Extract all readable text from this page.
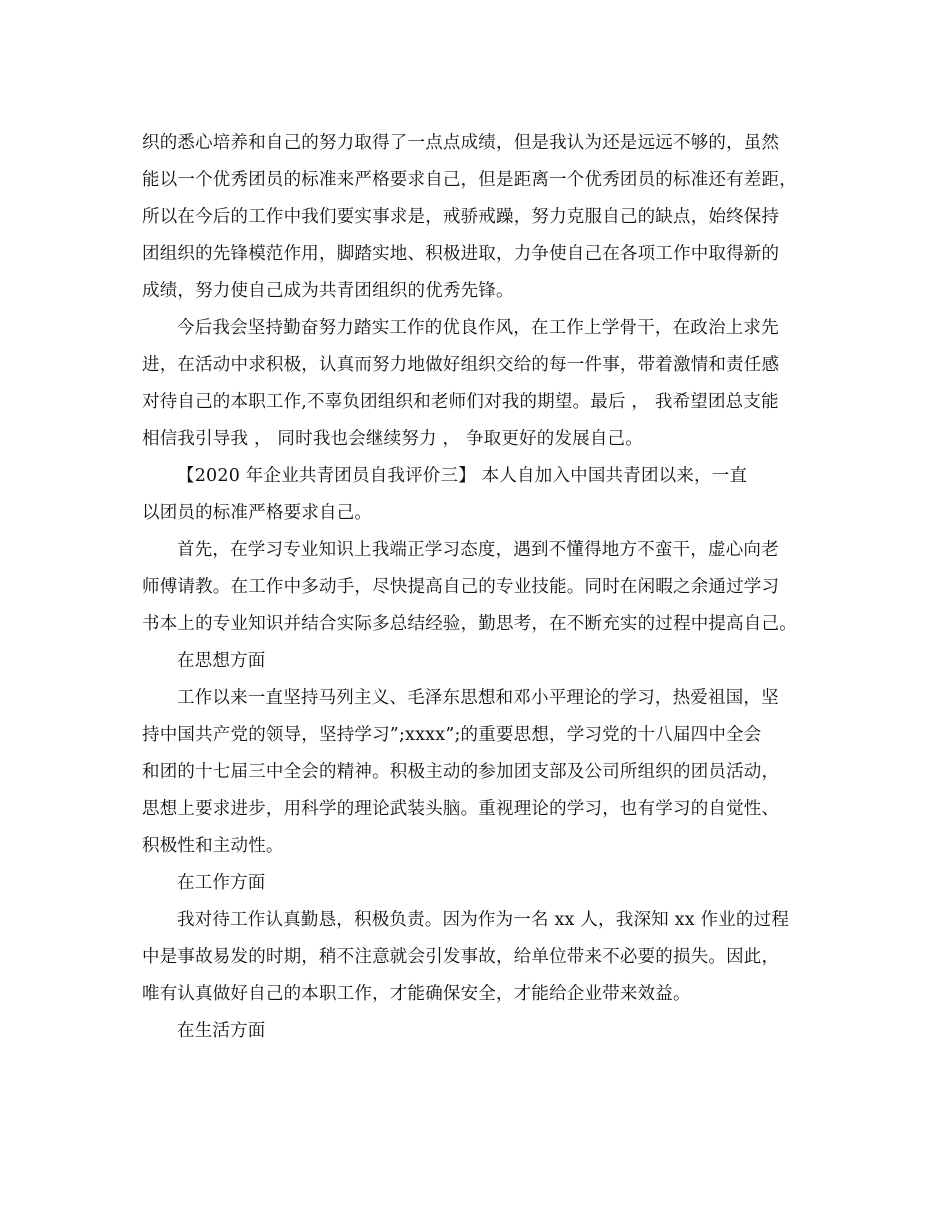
织的悉心培养和自己的努力取得了一点点成绩，但是我认为还是远远不够的，虽然
能以一个优秀团员的标准来严格要求自己，但是距离一个优秀团员的标准还有差距，
所以在今后的工作中我们要实事求是，戒骄戒躁，努力克服自己的缺点，始终保持
团组织的先锋模范作用，脚踏实地、积极进取，力争使自己在各项工作中取得新的
成绩，努力使自己成为共青团组织的优秀先锋。
今后我会坚持勤奋努力踏实工作的优良作风，在工作上学骨干，在政治上求先
进，在活动中求积极，认真而努力地做好组织交给的每一件事，带着激情和责任感
对待自己的本职工作,不辜负团组织和老师们对我的期望。最后 ， 我希望团总支能
相信我引导我 ， 同时我也会继续努力 ， 争取更好的发展自己。
【2020 年企业共青团员自我评价三】 本人自加入中国共青团以来，一直
以团员的标准严格要求自己。
首先，在学习专业知识上我端正学习态度，遇到不懂得地方不蛮干，虚心向老
师傅请教。在工作中多动手，尽快提高自己的专业技能。同时在闲暇之余通过学习
书本上的专业知识并结合实际多总结经验，勤思考，在不断充实的过程中提高自己。
在思想方面
工作以来一直坚持马列主义、毛泽东思想和邓小平理论的学习，热爱祖国，坚
持中国共产党的领导，坚持学习”;xxxx”;的重要思想，学习党的十八届四中全会
和团的十七届三中全会的精神。积极主动的参加团支部及公司所组织的团员活动，
思想上要求进步，用科学的理论武装头脑。重视理论的学习，也有学习的自觉性、
积极性和主动性。
在工作方面
我对待工作认真勤恳，积极负责。因为作为一名 xx 人，我深知 xx 作业的过程
中是事故易发的时期，稍不注意就会引发事故，给单位带来不必要的损失。因此，
唯有认真做好自己的本职工作，才能确保安全，才能给企业带来效益。
在生活方面
